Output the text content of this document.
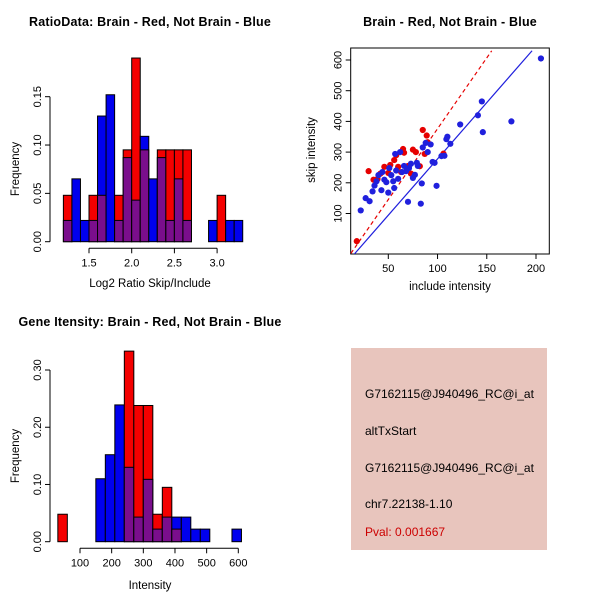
RatioData: Brain - Red, Not Brain - Blue
Frequency
0.00
0.05
0.10
0.15
1.5 2.0 2.5 3.0
Log2 Ratio Skip/Include
Brain - Red, Not Brain - Blue
skip intensity
50	100	150	200
100
200
300
400
500
600
include intensity
Gene Itensity: Brain - Red, Not Brain - Blue
Frequency
0.00
0.10
0.20
0.30
100 200 300 400 500 600
Intensity
G7162115@J940496_RC@i_at
altTxStart
G7162115@J940496_RC@i_at
chr7.22138-1.10
Pval: 0.001667
